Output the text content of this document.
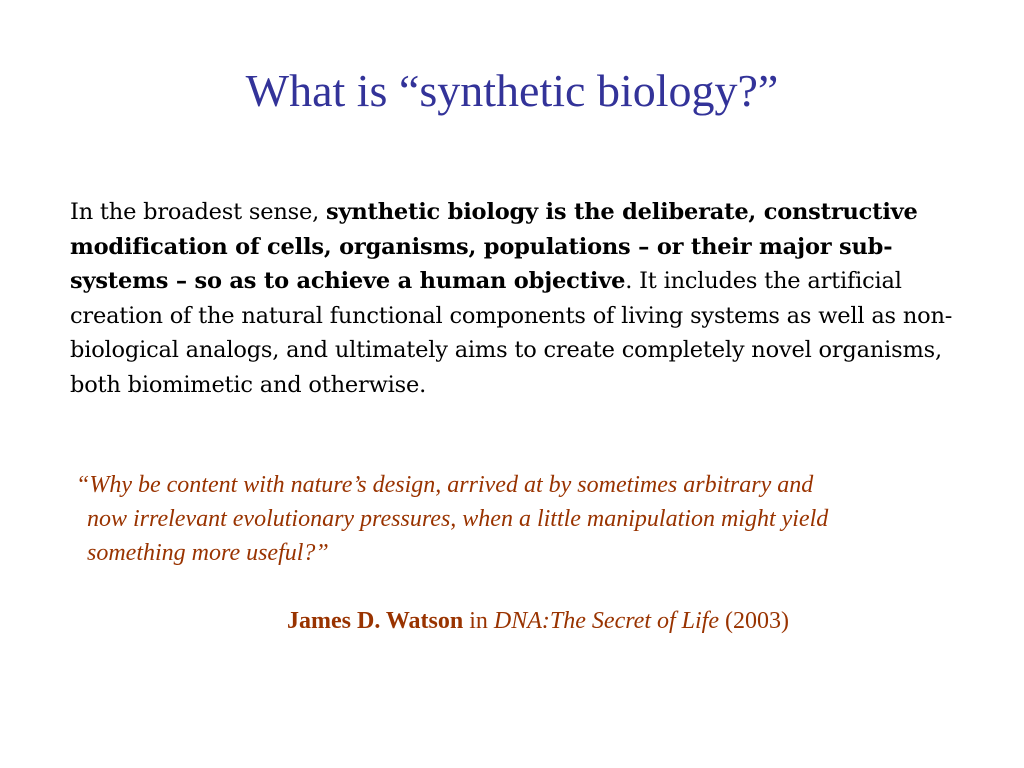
What is “synthetic biology?”

In the broadest sense, synthetic biology is the deliberate, constructive modification of cells, organisms, populations – or their major sub-systems – so as to achieve a human objective. It includes the artificial creation of the natural functional components of living systems as well as non-biological analogs, and ultimately aims to create completely novel organisms, both biomimetic and otherwise.

“Why be content with nature’s design, arrived at by sometimes arbitrary and
now irrelevant evolutionary pressures, when a little manipulation might yield
something more useful?”

James D. Watson in DNA:The Secret of Life (2003)
